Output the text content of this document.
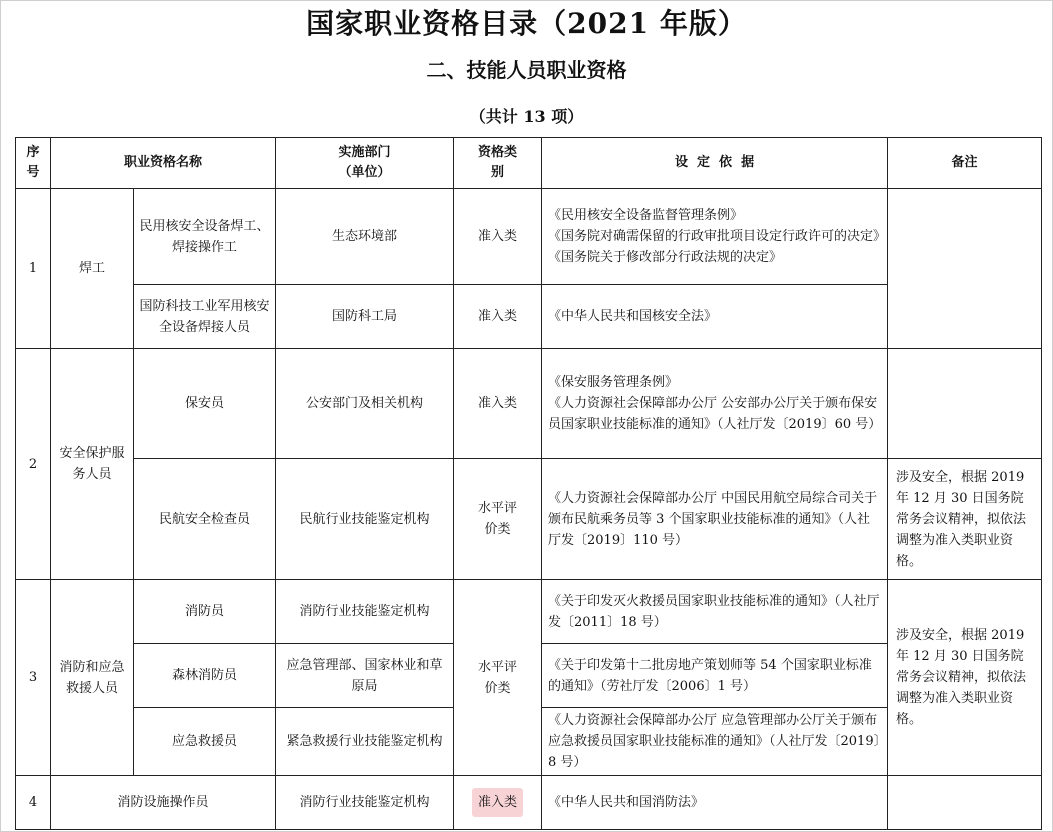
国家职业资格目录（2021 年版）
二、技能人员职业资格
（共计 13 项）
序号	职业资格名称		实施部门（单位）	资格类别	设  定  依  据	备注
1	焊工	民用核安全设备焊工、焊接操作工	生态环境部	准入类	《民用核安全设备监督管理条例》
《国务院对确需保留的行政审批项目设定行政许可的决定》
《国务院关于修改部分行政法规的决定》	

		国防科技工业军用核安全设备焊接人员	国防科工局	准入类	《中华人民共和国核安全法》	

2	安全保护服务人员	保安员	公安部门及相关机构	准入类	《保安服务管理条例》
《人力资源社会保障部办公厅 公安部办公厅关于颁布保安员国家职业技能标准的通知》（人社厅发〔2019〕60 号）	

		民航安全检查员	民航行业技能鉴定机构	水平评价类	《人力资源社会保障部办公厅 中国民用航空局综合司关于颁布民航乘务员等 3 个国家职业技能标准的通知》（人社厅发〔2019〕110 号）	涉及安全，根据 2019 年 12 月 30 日国务院常务会议精神，拟依法调整为准入类职业资格。
3	消防和应急救援人员	消防员	消防行业技能鉴定机构	水平评价类	《关于印发灭火救援员国家职业技能标准的通知》（人社厅发〔2011〕18 号）	涉及安全，根据 2019 年 12 月 30 日国务院常务会议精神，拟依法调整为准入类职业资格。
		森林消防员	应急管理部、国家林业和草原局		《关于印发第十二批房地产策划师等 54 个国家职业标准的通知》（劳社厅发〔2006〕1 号）	

		应急救援员	紧急救援行业技能鉴定机构		《人力资源社会保障部办公厅 应急管理部办公厅关于颁布应急救援员国家职业技能标准的通知》（人社厅发〔2019〕8 号）	

4	消防设施操作员		消防行业技能鉴定机构	准入类	《中华人民共和国消防法》	
